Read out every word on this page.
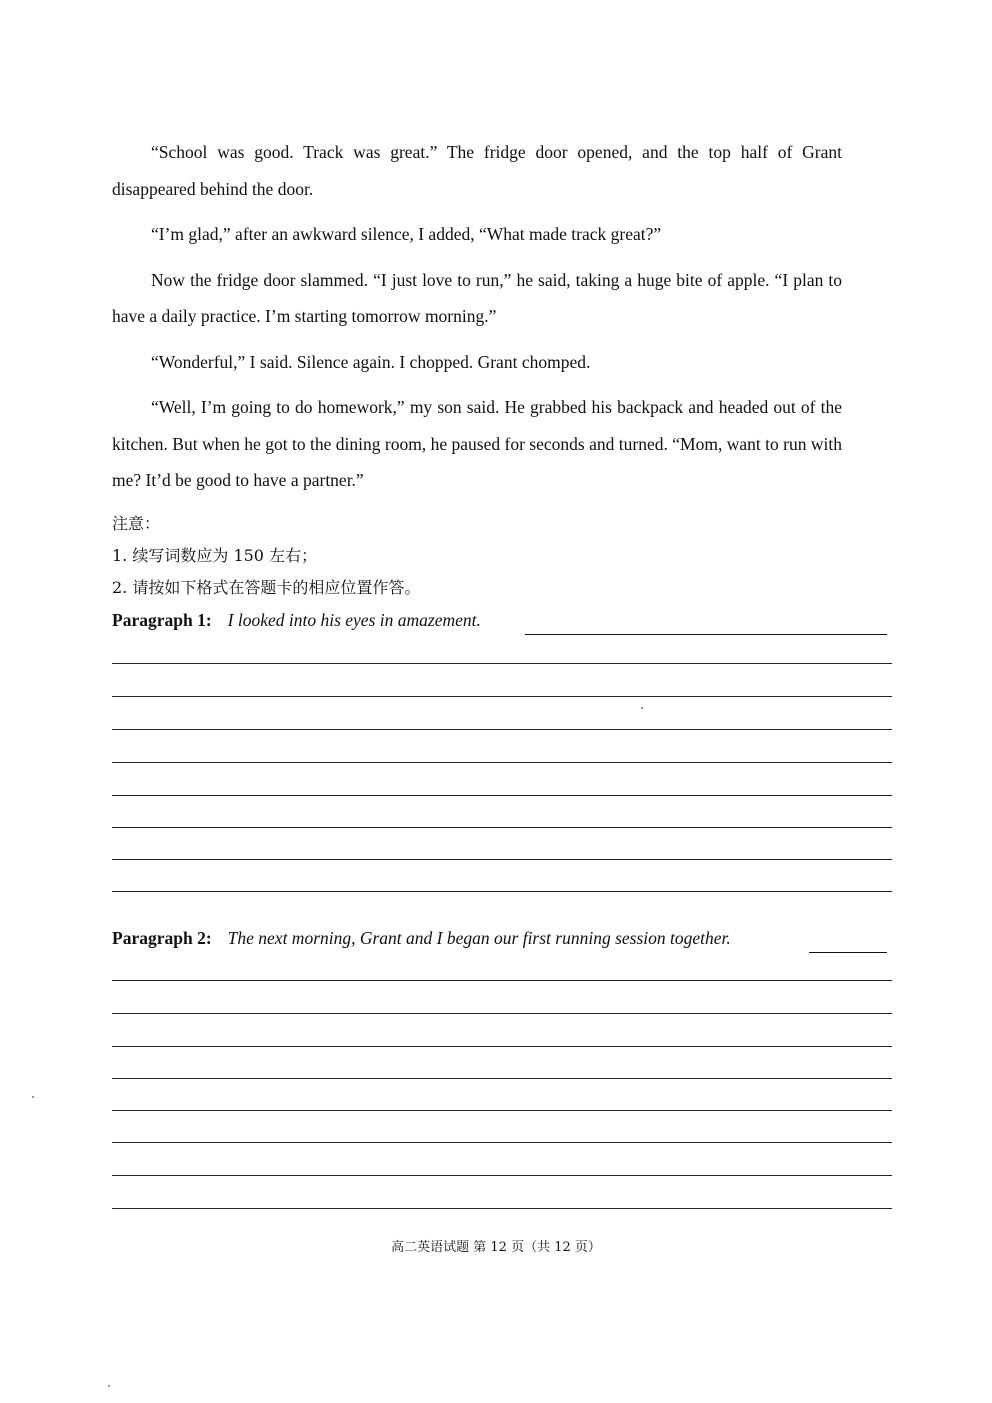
“School was good. Track was great.” The fridge door opened, and the top half of Grant disappeared behind the door.

“I’m glad,” after an awkward silence, I added, “What made track great?”

Now the fridge door slammed. “I just love to run,” he said, taking a huge bite of apple. “I plan to have a daily practice. I’m starting tomorrow morning.”

“Wonderful,” I said. Silence again. I chopped. Grant chomped.

“Well, I’m going to do homework,” my son said. He grabbed his backpack and headed out of the kitchen. But when he got to the dining room, he paused for seconds and turned. “Mom, want to run with me? It’d be good to have a partner.”

注意：
1. 续写词数应为 150 左右；
2. 请按如下格式在答题卡的相应位置作答。
Paragraph 1: I looked into his eyes in amazement.
Paragraph 2: The next morning, Grant and I began our first running session together.
高二英语试题 第 12 页（共 12 页）
